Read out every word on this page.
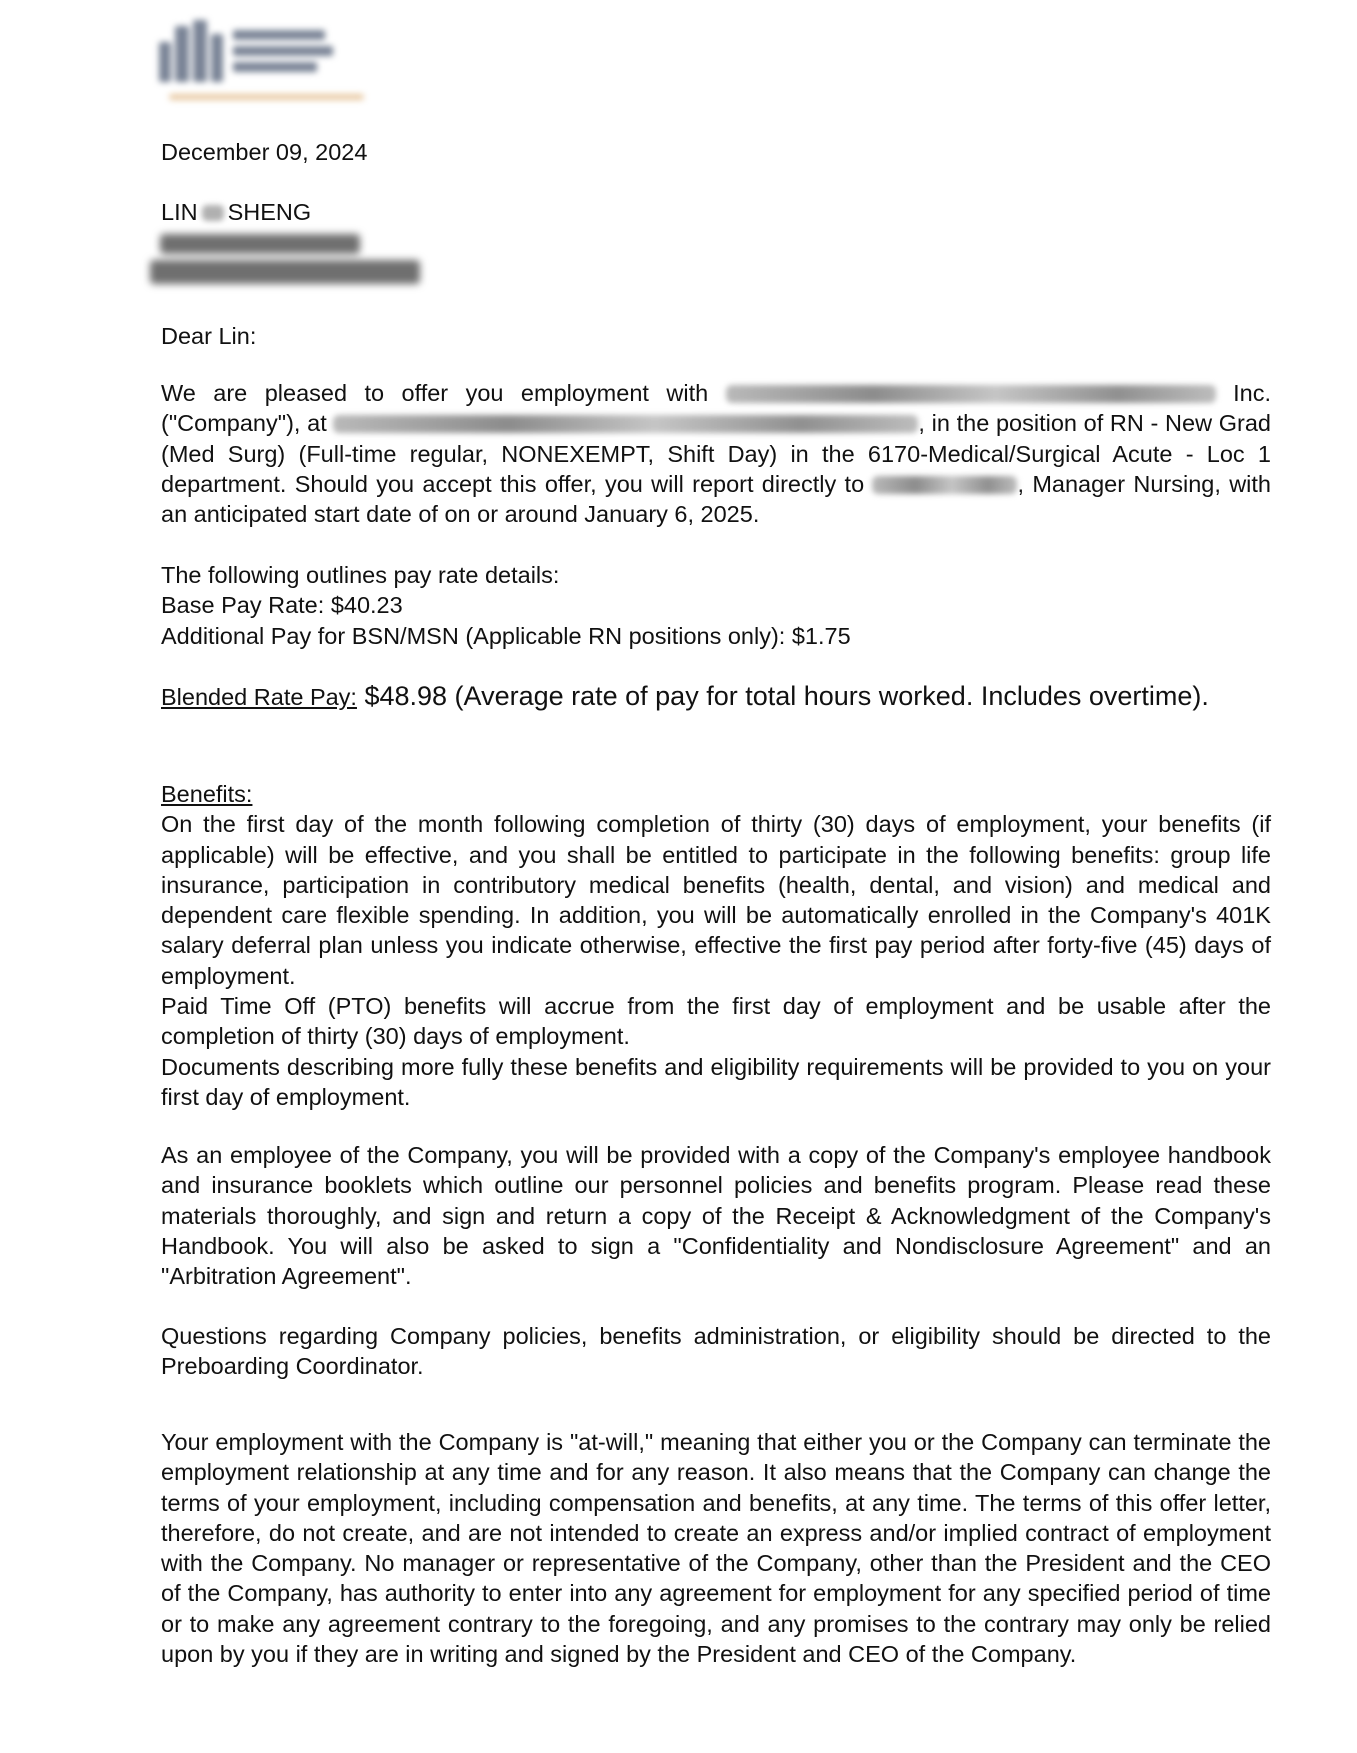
December 09, 2024
LIN SHENG
Dear Lin:
We are pleased to offer you employment with	Inc. ("Company"), at	, in the position of RN - New Grad (Med Surg) (Full-time regular, NONEXEMPT, Shift Day) in the 6170-Medical/Surgical Acute - Loc 1 department. Should you accept this offer, you will report directly to	, Manager Nursing, with an anticipated start date of on or around January 6, 2025.
The following outlines pay rate details:
Base Pay Rate: $40.23
Additional Pay for BSN/MSN (Applicable RN positions only): $1.75
Blended Rate Pay: $48.98 (Average rate of pay for total hours worked. Includes overtime).
Benefits:
On the first day of the month following completion of thirty (30) days of employment, your benefits (if applicable) will be effective, and you shall be entitled to participate in the following benefits: group life insurance, participation in contributory medical benefits (health, dental, and vision) and medical and dependent care flexible spending. In addition, you will be automatically enrolled in the Company's 401K salary deferral plan unless you indicate otherwise, effective the first pay period after forty-five (45) days of employment.
Paid Time Off (PTO) benefits will accrue from the first day of employment and be usable after the completion of thirty (30) days of employment.
Documents describing more fully these benefits and eligibility requirements will be provided to you on your first day of employment.
As an employee of the Company, you will be provided with a copy of the Company's employee handbook and insurance booklets which outline our personnel policies and benefits program. Please read these materials thoroughly, and sign and return a copy of the Receipt & Acknowledgment of the Company's Handbook. You will also be asked to sign a "Confidentiality and Nondisclosure Agreement" and an "Arbitration Agreement".
Questions regarding Company policies, benefits administration, or eligibility should be directed to the Preboarding Coordinator.
Your employment with the Company is "at-will," meaning that either you or the Company can terminate the employment relationship at any time and for any reason. It also means that the Company can change the terms of your employment, including compensation and benefits, at any time. The terms of this offer letter, therefore, do not create, and are not intended to create an express and/or implied contract of employment with the Company. No manager or representative of the Company, other than the President and the CEO of the Company, has authority to enter into any agreement for employment for any specified period of time or to make any agreement contrary to the foregoing, and any promises to the contrary may only be relied upon by you if they are in writing and signed by the President and CEO of the Company.
